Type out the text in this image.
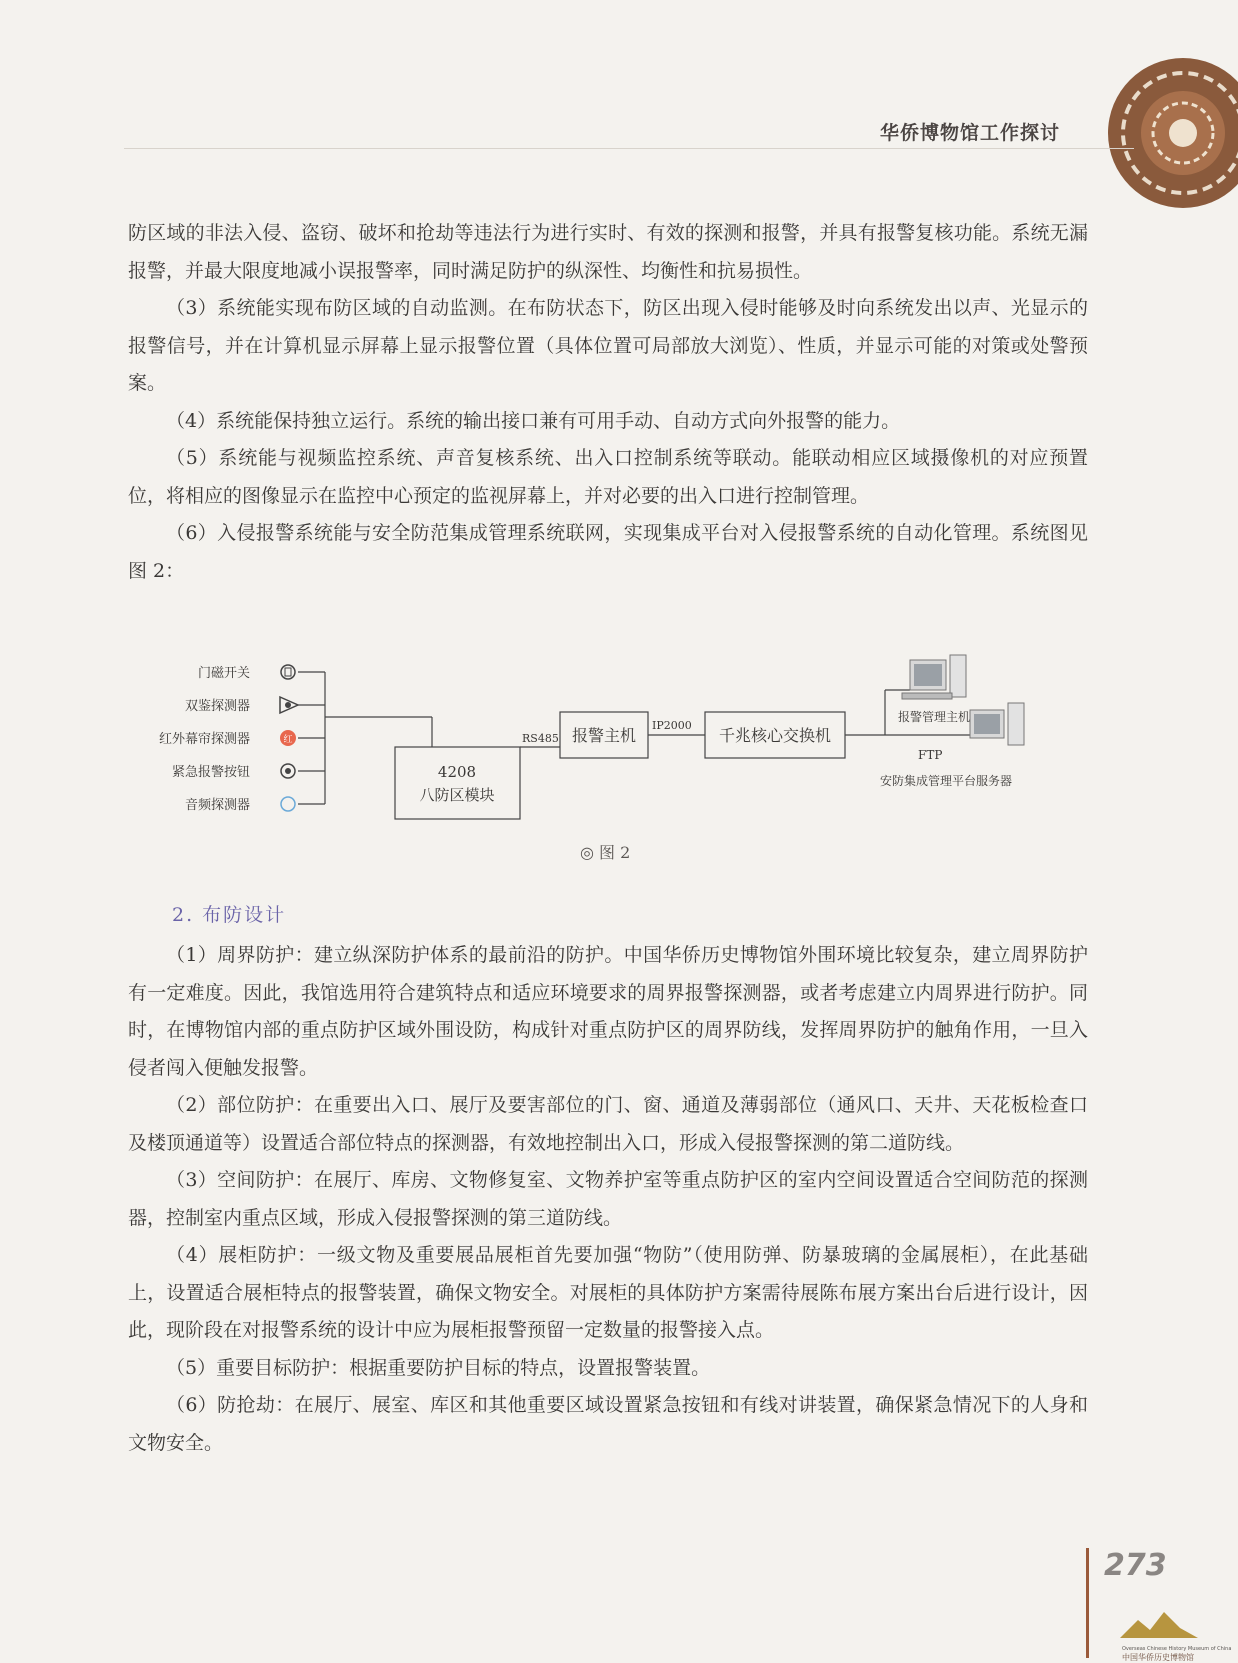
华侨博物馆工作探讨

防区域的非法入侵、盗窃、破坏和抢劫等违法行为进行实时、有效的探测和报警，并具有报警复核功能。系统无漏报警，并最大限度地减小误报警率，同时满足防护的纵深性、均衡性和抗易损性。

（3）系统能实现布防区域的自动监测。在布防状态下，防区出现入侵时能够及时向系统发出以声、光显示的报警信号，并在计算机显示屏幕上显示报警位置（具体位置可局部放大浏览）、性质，并显示可能的对策或处警预案。

（4）系统能保持独立运行。系统的输出接口兼有可用手动、自动方式向外报警的能力。

（5）系统能与视频监控系统、声音复核系统、出入口控制系统等联动。能联动相应区域摄像机的对应预置位，将相应的图像显示在监控中心预定的监视屏幕上，并对必要的出入口进行控制管理。

（6）入侵报警系统能与安全防范集成管理系统联网，实现集成平台对入侵报警系统的自动化管理。系统图见图 2：

门磁开关
双鉴探测器
红外幕帘探测器
紧急报警按钮
音频探测器
红
4208
八防区模块
RS485 报警主机
IP2000
千兆核心交换机
报警管理主机
FTP
安防集成管理平台服务器
◎ 图 2
2. 布防设计

（1）周界防护：建立纵深防护体系的最前沿的防护。中国华侨历史博物馆外围环境比较复杂，建立周界防护有一定难度。因此，我馆选用符合建筑特点和适应环境要求的周界报警探测器，或者考虑建立内周界进行防护。同时，在博物馆内部的重点防护区域外围设防，构成针对重点防护区的周界防线，发挥周界防护的触角作用，一旦入侵者闯入便触发报警。

（2）部位防护：在重要出入口、展厅及要害部位的门、窗、通道及薄弱部位（通风口、天井、天花板检查口及楼顶通道等）设置适合部位特点的探测器，有效地控制出入口，形成入侵报警探测的第二道防线。

（3）空间防护：在展厅、库房、文物修复室、文物养护室等重点防护区的室内空间设置适合空间防范的探测器，控制室内重点区域，形成入侵报警探测的第三道防线。

（4）展柜防护：一级文物及重要展品展柜首先要加强“物防”（使用防弹、防暴玻璃的金属展柜），在此基础上，设置适合展柜特点的报警装置，确保文物安全。对展柜的具体防护方案需待展陈布展方案出台后进行设计，因此，现阶段在对报警系统的设计中应为展柜报警预留一定数量的报警接入点。

（5）重要目标防护：根据重要防护目标的特点，设置报警装置。

（6）防抢劫：在展厅、展室、库区和其他重要区域设置紧急按钮和有线对讲装置，确保紧急情况下的人身和文物安全。

273
Overseas Chinese History Museum of China
中国华侨历史博物馆
